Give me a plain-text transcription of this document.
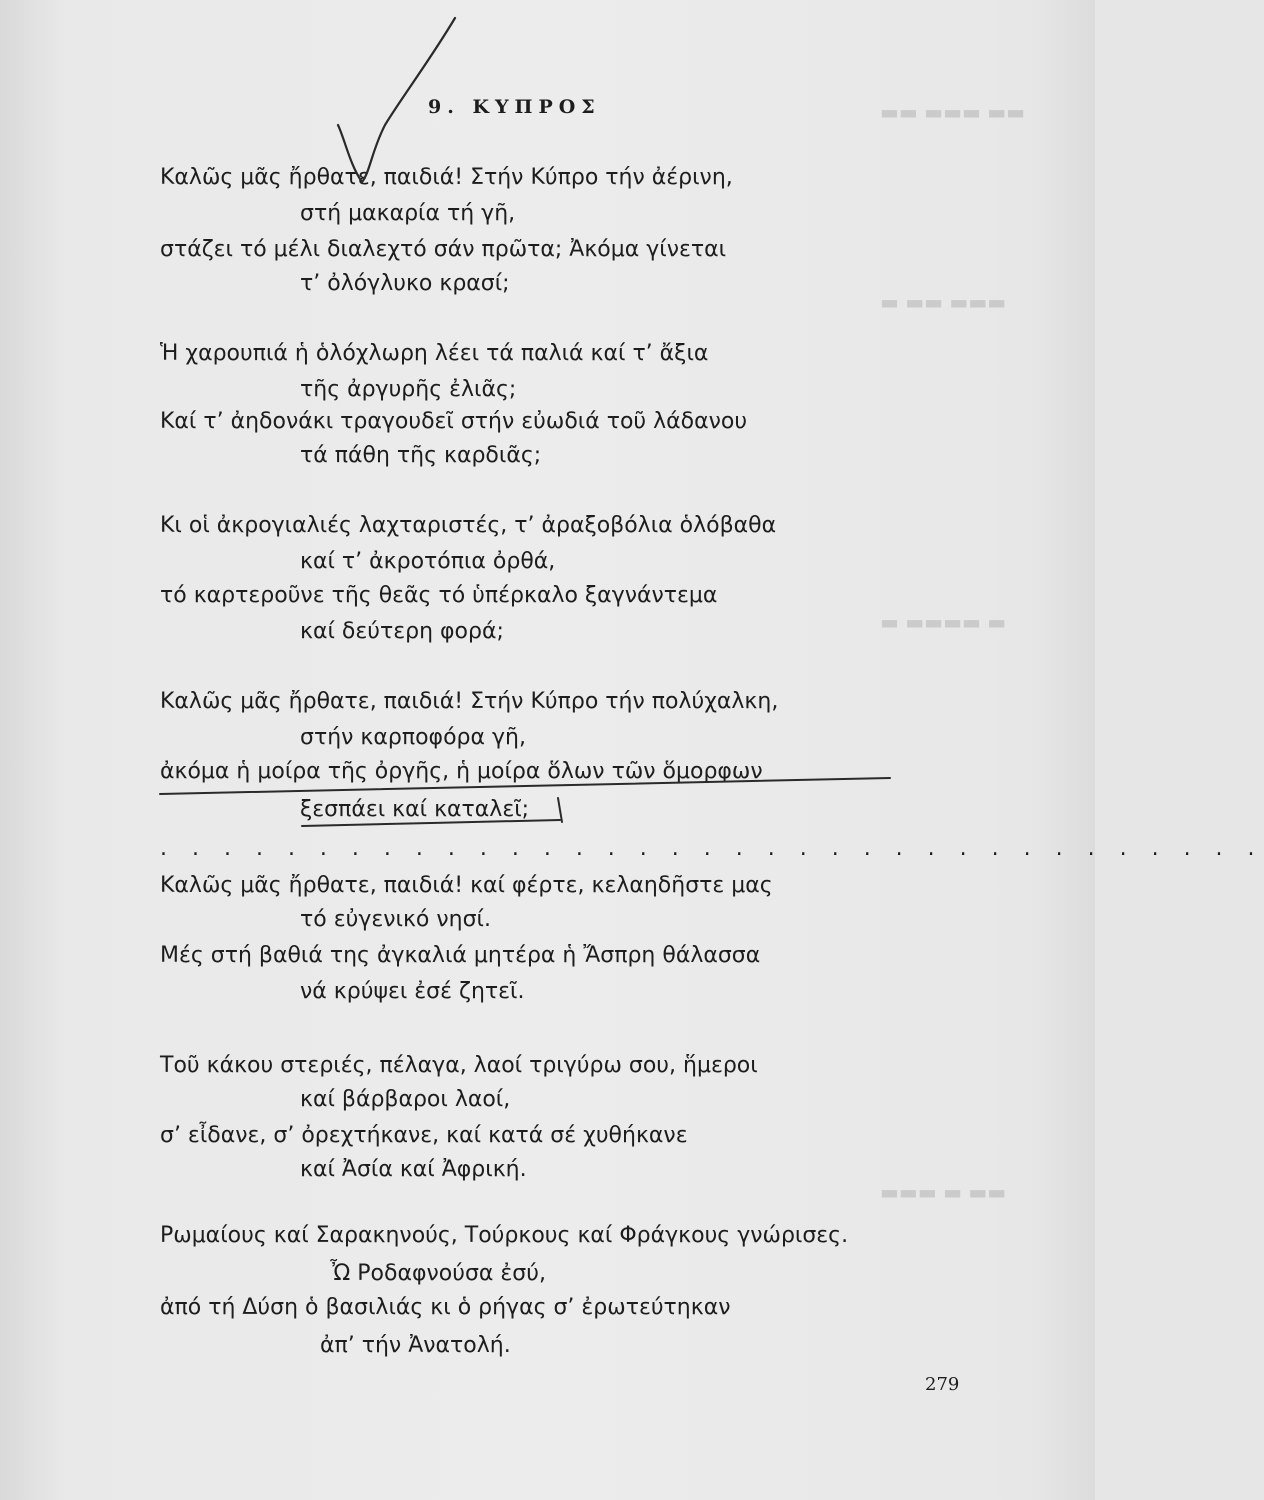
▬▬ ▬▬▬ ▬▬
▬▬▬ ▬▬ ▬
▬ ▬▬▬▬ ▬
▬▬ ▬ ▬▬▬
9. ΚΥΠΡΟΣ
Καλῶς μᾶς ἤρθατε, παιδιά! Στήν Κύπρο τήν ἀέρινη,
στή μακαρία τή γῆ,
στάζει τό μέλι διαλεχτό σάν πρῶτα; Ἀκόμα γίνεται
τ’ ὀλόγλυκο κρασί;
Ἡ χαρουπιά ἡ ὁλόχλωρη λέει τά παλιά καί τ’ ἄξια
τῆς ἀργυρῆς ἐλιᾶς;
Καί τ’ ἀηδονάκι τραγουδεῖ στήν εὐωδιά τοῦ λάδανου
τά πάθη τῆς καρδιᾶς;
Κι οἱ ἀκρογιαλιές λαχταριστές, τ’ ἀραξοβόλια ὁλόβαθα
καί τ’ ἀκροτόπια ὀρθά,
τό καρτεροῦνε τῆς θεᾶς τό ὑπέρκαλο ξαγνάντεμα
καί δεύτερη φορά;
Καλῶς μᾶς ἤρθατε, παιδιά! Στήν Κύπρο τήν πολύχαλκη,
στήν καρποφόρα γῆ,
ἀκόμα ἡ μοίρα τῆς ὀργῆς, ἡ μοίρα ὅλων τῶν ὅμορφων
ξεσπάει καί καταλεῖ;
. . . . . . . . . . . . . . . . . . . . . . . . . . . . . . . . . . .
Καλῶς μᾶς ἤρθατε, παιδιά! καί φέρτε, κελαηδῆστε μας
τό εὐγενικό νησί.
Μές στή βαθιά της ἀγκαλιά μητέρα ἡ Ἄσπρη θάλασσα
νά κρύψει ἐσέ ζητεῖ.
Τοῦ κάκου στεριές, πέλαγα, λαοί τριγύρω σου, ἥμεροι
καί βάρβαροι λαοί,
σ’ εἶδανε, σ’ ὀρεχτήκανε, καί κατά σέ χυθήκανε
καί Ἀσία καί Ἀφρική.
Ρωμαίους καί Σαρακηνούς, Τούρκους καί Φράγκους γνώρισες.
Ὦ Ροδαφνούσα ἐσύ,
ἀπό τή Δύση ὁ βασιλιάς κι ὁ ρήγας σ’ ἐρωτεύτηκαν
ἀπ’ τήν Ἀνατολή.
279
